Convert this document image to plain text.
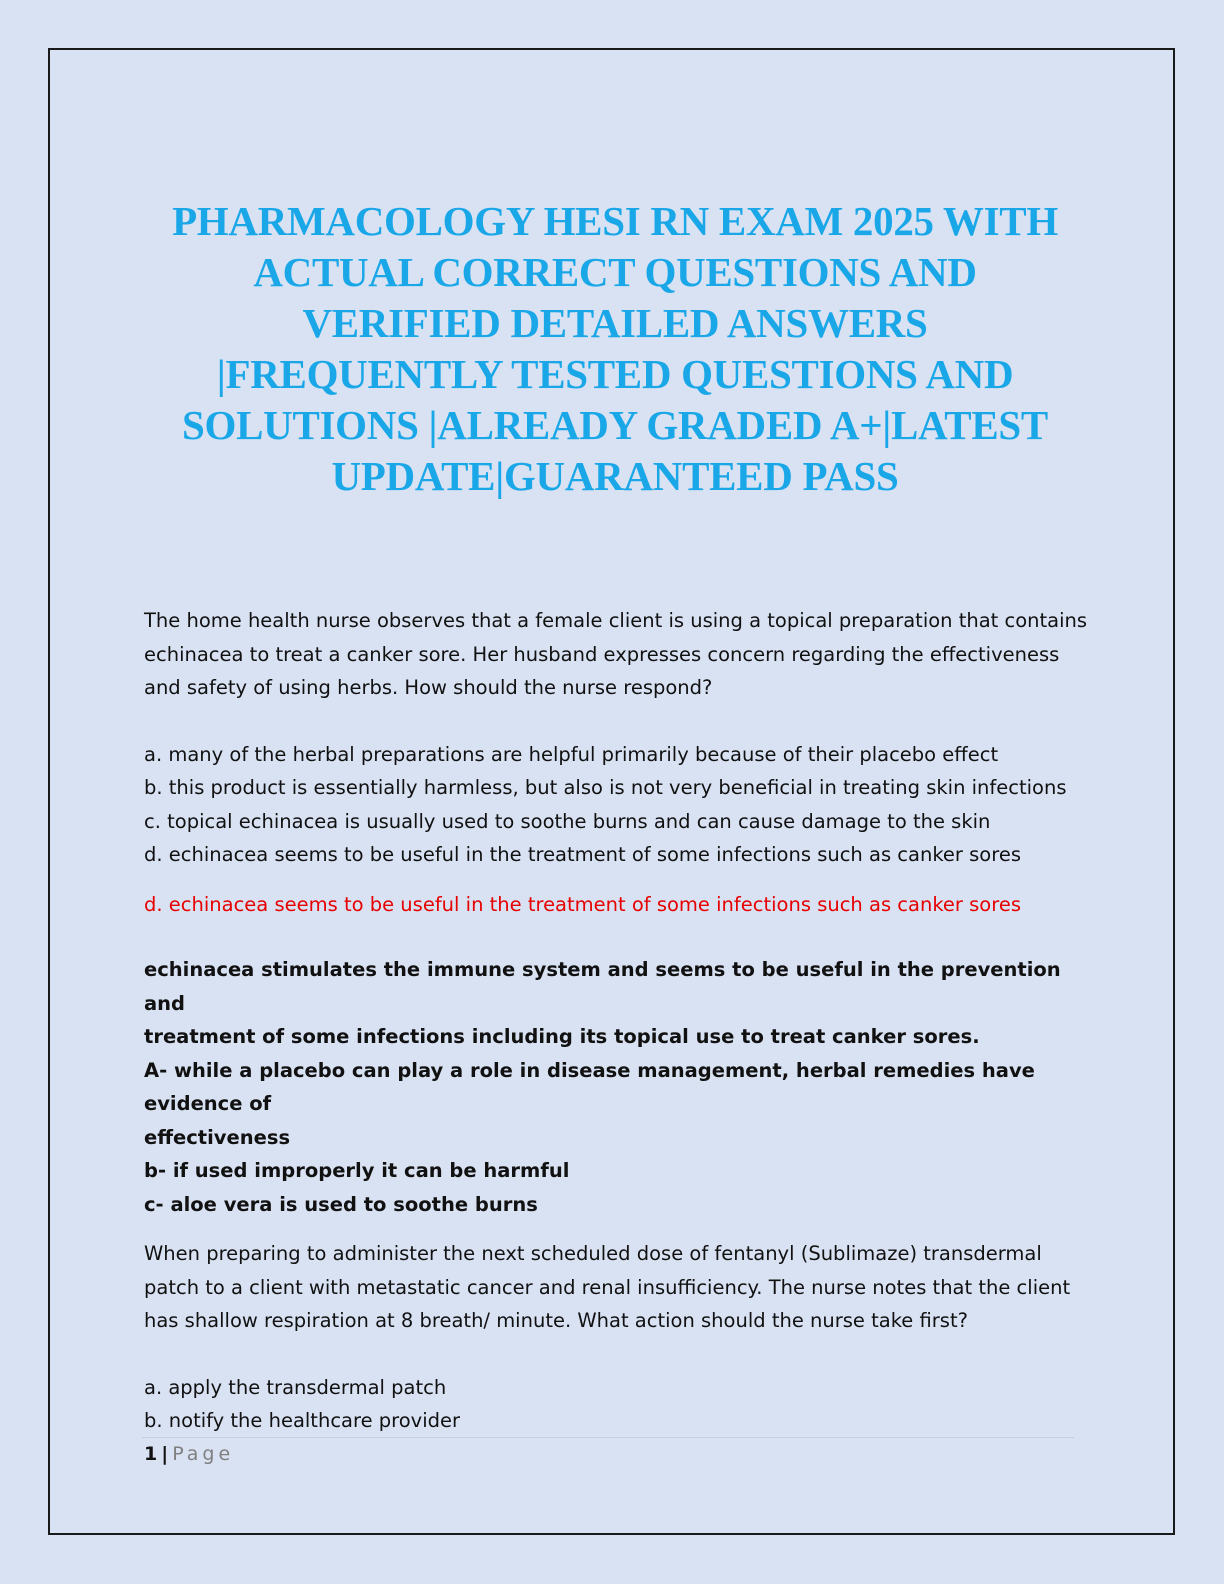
PHARMACOLOGY HESI RN EXAM 2025 WITH
ACTUAL CORRECT QUESTIONS AND
VERIFIED DETAILED ANSWERS
|FREQUENTLY TESTED QUESTIONS AND
SOLUTIONS |ALREADY GRADED A+|LATEST
UPDATE|GUARANTEED PASS

The home health nurse observes that a female client is using a topical preparation that contains

echinacea to treat a canker sore. Her husband expresses concern regarding the effectiveness

and safety of using herbs. How should the nurse respond?

a. many of the herbal preparations are helpful primarily because of their placebo effect

b. this product is essentially harmless, but also is not very beneficial in treating skin infections

c. topical echinacea is usually used to soothe burns and can cause damage to the skin

d. echinacea seems to be useful in the treatment of some infections such as canker sores

d. echinacea seems to be useful in the treatment of some infections such as canker sores

echinacea stimulates the immune system and seems to be useful in the prevention and

treatment of some infections including its topical use to treat canker sores.

A- while a placebo can play a role in disease management, herbal remedies have evidence of

effectiveness

b- if used improperly it can be harmful

c- aloe vera is used to soothe burns

When preparing to administer the next scheduled dose of fentanyl (Sublimaze) transdermal

patch to a client with metastatic cancer and renal insufficiency. The nurse notes that the client

has shallow respiration at 8 breath/ minute. What action should the nurse take first?

a. apply the transdermal patch

b. notify the healthcare provider

1 | Page
